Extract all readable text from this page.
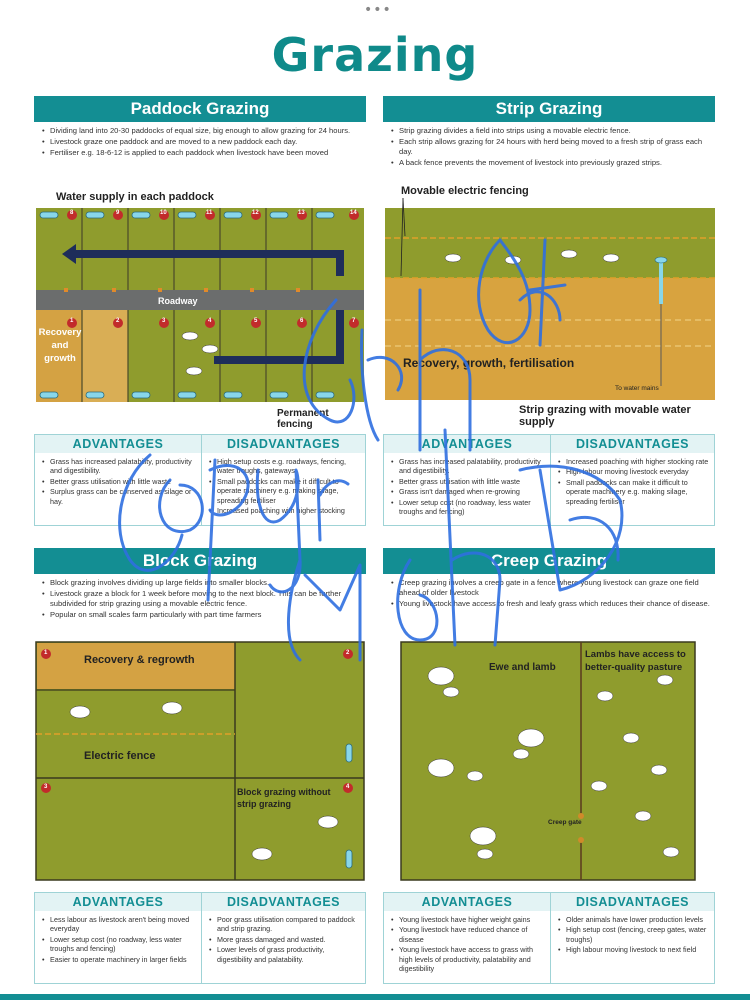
•••
Grazing
Paddock Grazing
• Dividing land into 20-30 paddocks of equal size, big enough to allow grazing for 24 hours.
• Livestock graze one paddock and are moved to a new paddock each day.
• Fertiliser e.g. 18-6-12 is applied to each paddock when livestock have been moved
Water supply in each paddock
Roadway
Recovery and growth
Permanent fencing
8	9	10	11	12	13	14
1	2	3	4	5	6	7
ADVANTAGES
• Grass has increased palatability, productivity and digestibility.
• Better grass utilisation with little waste
• Surplus grass can be conserved as silage or hay.
DISADVANTAGES
• High setup costs e.g. roadways, fencing, water troughs, gateways
• Small paddocks can make it difficult to operate machinery e.g. making silage, spreading fertiliser
• Increased poaching with higher stocking
Strip Grazing
• Strip grazing divides a field into strips using a movable electric fence.
• Each strip allows grazing for 24 hours with herd being moved to a fresh strip of grass each day.
• A back fence prevents the movement of livestock into previously grazed strips.
Movable electric fencing
Recovery, growth, fertilisation
To water mains
Strip grazing with movable water supply
ADVANTAGES
• Grass has increased palatability, productivity and digestibility.
• Better grass utilisation with little waste
• Grass isn't damaged when re-growing
• Lower setup cost (no roadway, less water troughs and fencing)
DISADVANTAGES
• Increased poaching with higher stocking rate
• High labour moving livestock everyday
• Small paddocks can make it difficult to operate machinery e.g. making silage, spreading fertiliser
Block Grazing
• Block grazing involves dividing up large fields into smaller blocks.
• Livestock graze a block for 1 week before moving to the next block. This can be further subdivided for strip grazing using a movable electric fence.
• Popular on small scales farm particularly with part time farmers
Recovery & regrowth
Electric fence
Block grazing without strip grazing
1	2
3	4
ADVANTAGES
• Less labour as livestock aren't being moved everyday
• Lower setup cost (no roadway, less water troughs and fencing)
• Easier to operate machinery in larger fields
DISADVANTAGES
• Poor grass utilisation compared to paddock and strip grazing.
• More grass damaged and wasted.
• Lower levels of grass productivity, digestibility and palatability.
Creep Grazing
• Creep grazing involves a creep gate in a fence where young livestock can graze one field ahead of older livestock
• Young livestock have access to fresh and leafy grass which reduces their chance of disease.
Ewe and lamb
Lambs have access to better-quality pasture
Creep gate
ADVANTAGES
• Young livestock have higher weight gains
• Young livestock have reduced chance of disease
• Young livestock have access to grass with high levels of productivity, palatability and digestibility
DISADVANTAGES
• Older animals have lower production levels
• High setup cost (fencing, creep gates, water troughs)
• High labour moving livestock to next field
